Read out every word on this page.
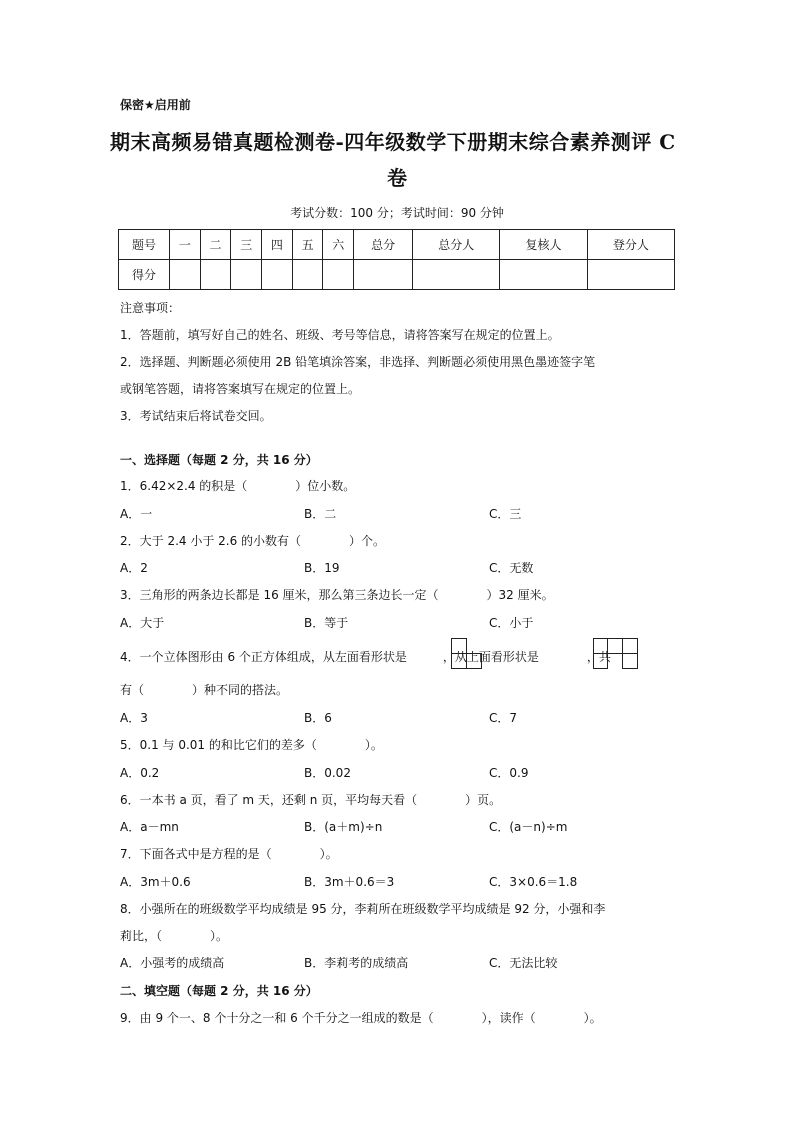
保密★启用前
期末高频易错真题检测卷-四年级数学下册期末综合素养测评 C
卷
考试分数：100 分；考试时间：90 分钟
题号	一	二	三	四	五	六	总分	总分人	复核人	登分人
得分										
注意事项：
1．答题前，填写好自己的姓名、班级、考号等信息，请将答案写在规定的位置上。
2．选择题、判断题必须使用 2B 铅笔填涂答案，非选择、判断题必须使用黑色墨迹签字笔
或钢笔答题，请将答案填写在规定的位置上。
3．考试结束后将试卷交回。
一、选择题（每题 2 分，共 16 分）
1．6.42×2.4 的积是（　　　　）位小数。
A．一	B．二	C．三
2．大于 2.4 小于 2.6 的小数有（　　　　）个。
A．2	B．19	C．无数
3．三角形的两条边长都是 16 厘米，那么第三条边长一定（　　　　）32 厘米。
A．大于	B．等于	C．小于
4．一个立体图形由 6 个正方体组成，从左面看形状是	，从上面看形状是	，共
有（　　　　）种不同的搭法。
A．3	B．6	C．7
5．0.1 与 0.01 的和比它们的差多（　　　　）。
A．0.2	B．0.02	C．0.9
6．一本书 a 页，看了 m 天，还剩 n 页，平均每天看（　　　　）页。
A．a－mn	B．(a＋m)÷n	C．(a－n)÷m
7．下面各式中是方程的是（　　　　）。
A．3m＋0.6	B．3m＋0.6＝3	C．3×0.6＝1.8
8．小强所在的班级数学平均成绩是 95 分，李莉所在班级数学平均成绩是 92 分，小强和李
莉比，（　　　　）。
A．小强考的成绩高	B．李莉考的成绩高	C．无法比较
二、填空题（每题 2 分，共 16 分）
9．由 9 个一、8 个十分之一和 6 个千分之一组成的数是（　　　　），读作（　　　　）。
